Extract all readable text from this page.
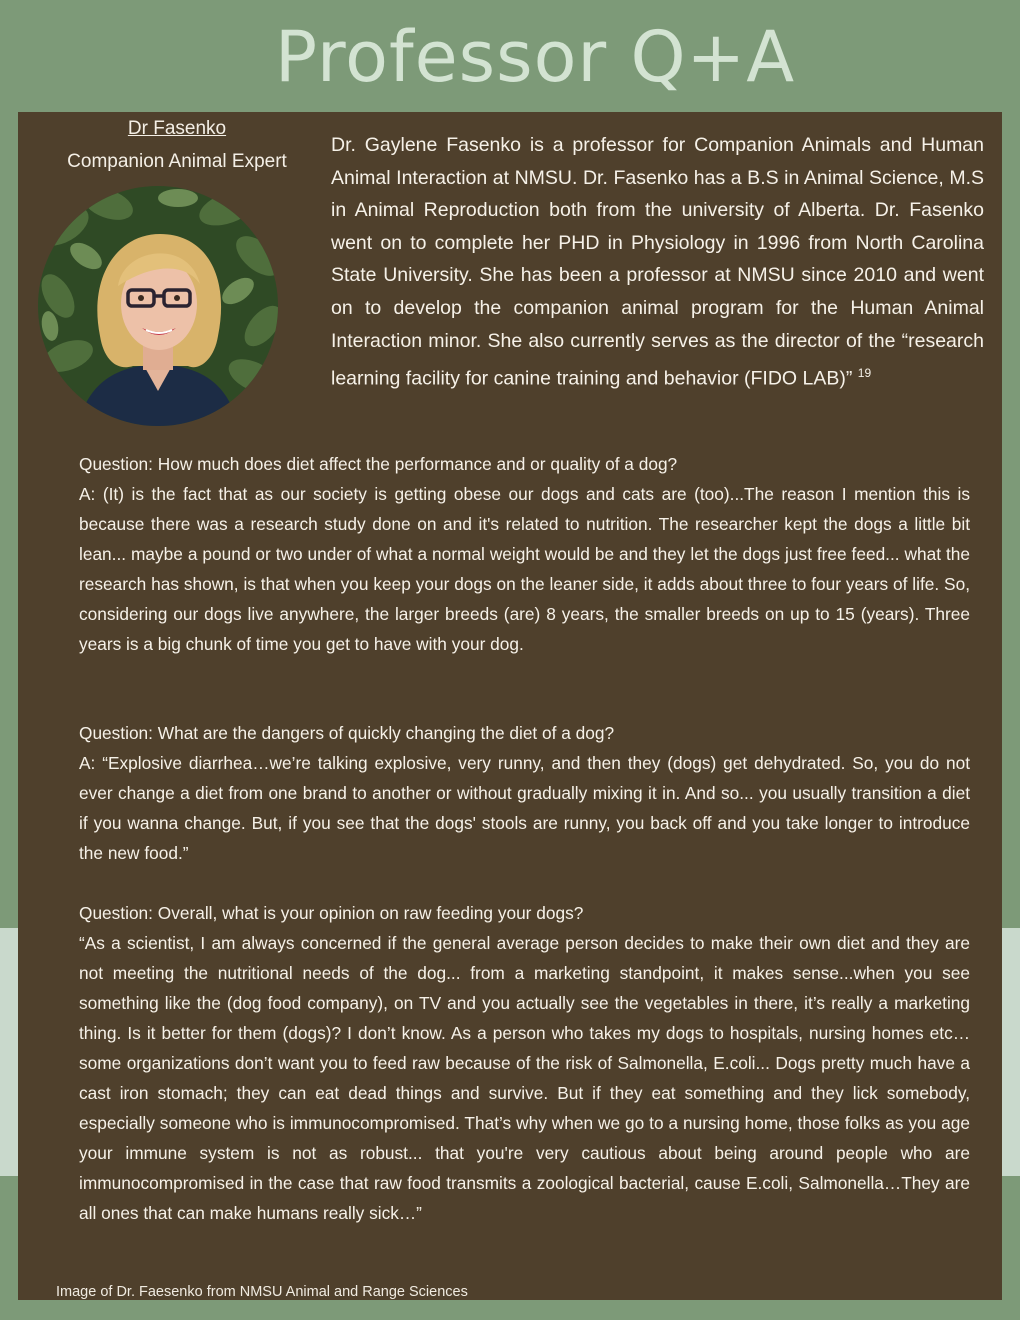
Professor Q+A
Dr Fasenko
Companion Animal Expert

Dr. Gaylene Fasenko is a professor for Companion Animals and Human Animal Interaction at NMSU. Dr. Fasenko has a B.S in Animal Science, M.S in Animal Reproduction both from the university of Alberta. Dr. Fasenko went on to complete her PHD in Physiology in 1996 from North Carolina State University. She has been a professor at NMSU since 2010 and went on to develop the companion animal program for the Human Animal Interaction minor. She also currently serves as the director of the “research learning facility for canine training and behavior (FIDO LAB)” $^{19}$

Question: How much does diet affect the performance and or quality of a dog?

A: (It) is the fact that as our society is getting obese our dogs and cats are (too)...The reason I mention this is because there was a research study done on and it's related to nutrition. The researcher kept the dogs a little bit lean... maybe a pound or two under of what a normal weight would be and they let the dogs just free feed... what the research has shown, is that when you keep your dogs on the leaner side, it adds about three to four years of life. So, considering our dogs live anywhere, the larger breeds (are) 8 years, the smaller breeds on up to 15 (years). Three years is a big chunk of time you get to have with your dog.

Question: What are the dangers of quickly changing the diet of a dog?

A: “Explosive diarrhea…we’re talking explosive, very runny, and then they (dogs) get dehydrated. So, you do not ever change a diet from one brand to another or without gradually mixing it in. And so... you usually transition a diet if you wanna change. But, if you see that the dogs' stools are runny, you back off and you take longer to introduce the new food.”

Question: Overall, what is your opinion on raw feeding your dogs?

“As a scientist, I am always concerned if the general average person decides to make their own diet and they are not meeting the nutritional needs of the dog... from a marketing standpoint, it makes sense...when you see something like the (dog food company), on TV and you actually see the vegetables in there, it’s really a marketing thing. Is it better for them (dogs)? I don’t know. As a person who takes my dogs to hospitals, nursing homes etc… some organizations don’t want you to feed raw because of the risk of Salmonella, E.coli... Dogs pretty much have a cast iron stomach; they can eat dead things and survive. But if they eat something and they lick somebody, especially someone who is immunocompromised. That’s why when we go to a nursing home, those folks as you age your immune system is not as robust... that you're very cautious about being around people who are immunocompromised in the case that raw food transmits a zoological bacterial, cause E.coli, Salmonella…They are all ones that can make humans really sick…”

Image of Dr. Faesenko from NMSU Animal and Range Sciences
